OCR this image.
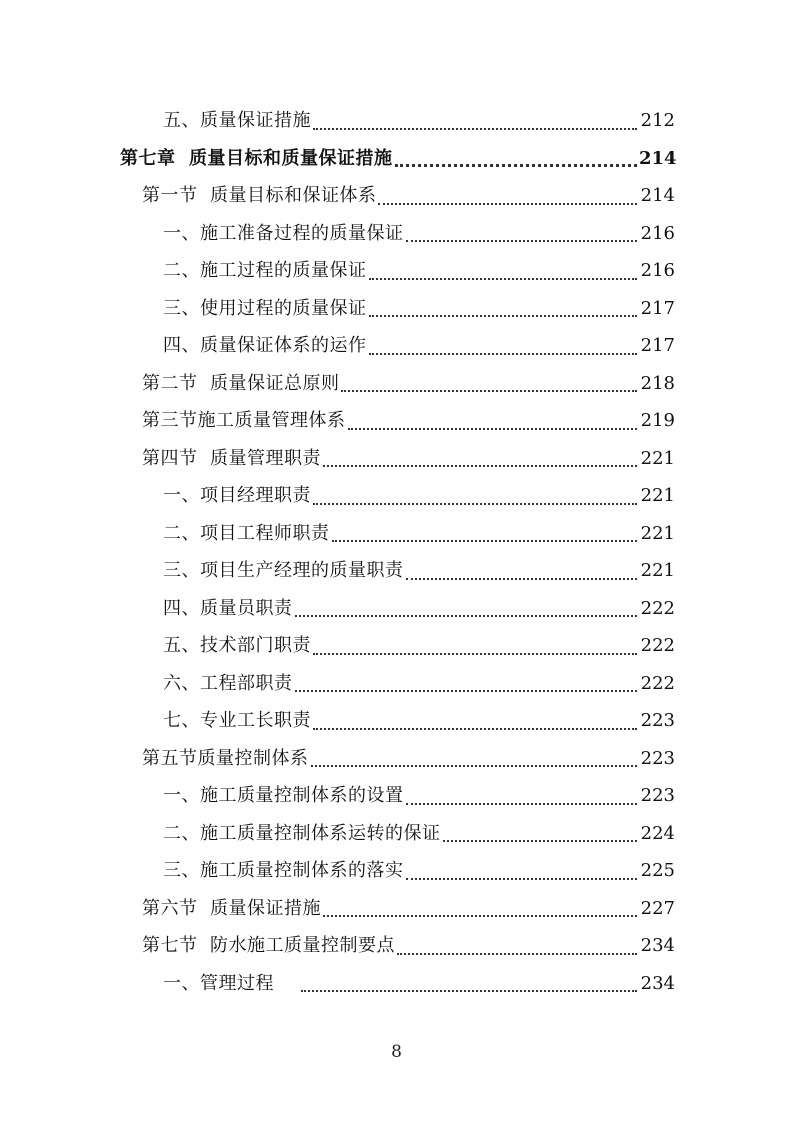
五、质量保证措施	212
第七章  质量目标和质量保证措施	214
第一节  质量目标和保证体系	214
一、施工准备过程的质量保证	216
二、施工过程的质量保证	216
三、使用过程的质量保证	217
四、质量保证体系的运作	217
第二节  质量保证总原则	218
第三节施工质量管理体系	219
第四节  质量管理职责	221
一、项目经理职责	221
二、项目工程师职责	221
三、项目生产经理的质量职责	221
四、质量员职责	222
五、技术部门职责	222
六、工程部职责	222
七、专业工长职责	223
第五节质量控制体系	223
一、施工质量控制体系的设置	223
二、施工质量控制体系运转的保证	224
三、施工质量控制体系的落实	225
第六节  质量保证措施	227
第七节  防水施工质量控制要点	234
一、管理过程	234
8
